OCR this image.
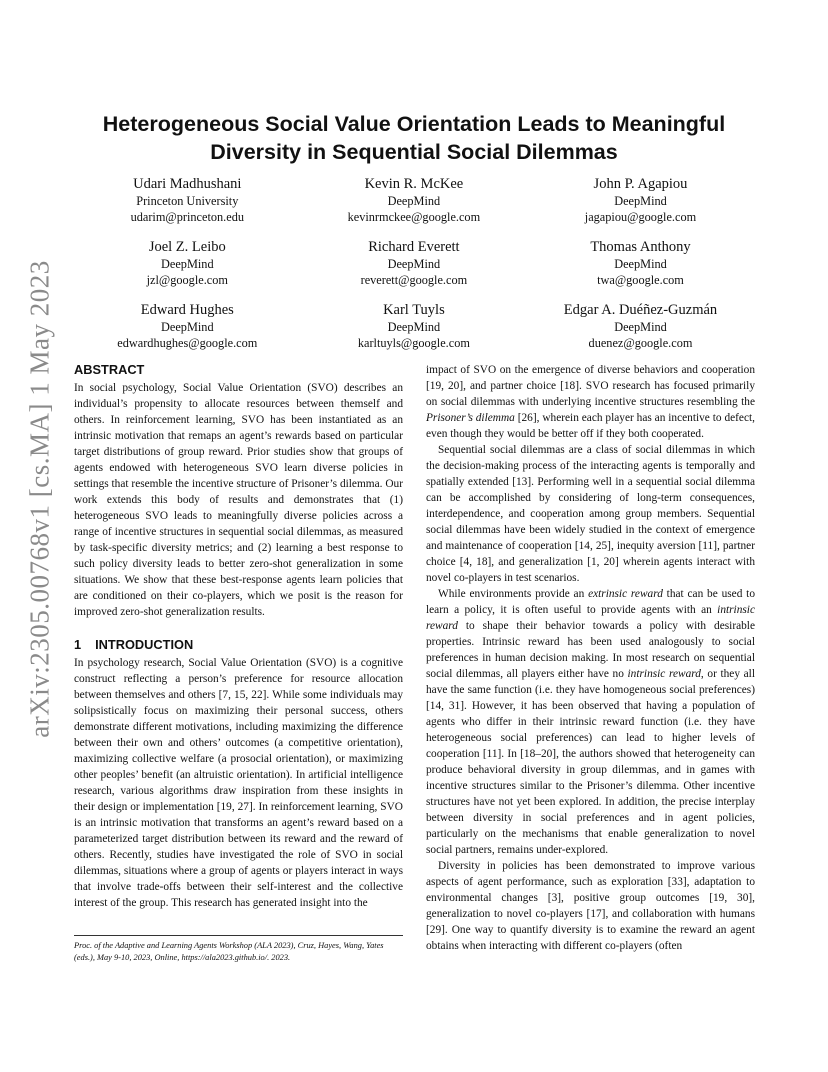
arXiv:2305.00768v1 [cs.MA] 1 May 2023
Heterogeneous Social Value Orientation Leads to Meaningful
Diversity in Sequential Social Dilemmas
Udari Madhushani
Princeton University
udarim@princeton.edu
Kevin R. McKee
DeepMind
kevinrmckee@google.com
John P. Agapiou
DeepMind
jagapiou@google.com
Joel Z. Leibo
DeepMind
jzl@google.com
Richard Everett
DeepMind
reverett@google.com
Thomas Anthony
DeepMind
twa@google.com
Edward Hughes
DeepMind
edwardhughes@google.com
Karl Tuyls
DeepMind
karltuyls@google.com
Edgar A. Duéñez-Guzmán
DeepMind
duenez@google.com
ABSTRACT

In social psychology, Social Value Orientation (SVO) describes an individual’s propensity to allocate resources between themself and others. In reinforcement learning, SVO has been instantiated as an intrinsic motivation that remaps an agent’s rewards based on particular target distributions of group reward. Prior studies show that groups of agents endowed with heterogeneous SVO learn diverse policies in settings that resemble the incentive structure of Prisoner’s dilemma. Our work extends this body of results and demonstrates that (1) heterogeneous SVO leads to meaningfully diverse policies across a range of incentive structures in sequential social dilemmas, as measured by task-specific diversity metrics; and (2) learning a best response to such policy diversity leads to better zero-shot generalization in some situations. We show that these best-response agents learn policies that are conditioned on their co-players, which we posit is the reason for improved zero-shot generalization results.

1 INTRODUCTION

In psychology research, Social Value Orientation (SVO) is a cognitive construct reflecting a person’s preference for resource allocation between themselves and others [7, 15, 22]. While some individuals may solipsistically focus on maximizing their personal success, others demonstrate different motivations, including maximizing the difference between their own and others’ outcomes (a competitive orientation), maximizing collective welfare (a prosocial orientation), or maximizing other peoples’ benefit (an altruistic orientation). In artificial intelligence research, various algorithms draw inspiration from these insights in their design or implementation [19, 27]. In reinforcement learning, SVO is an intrinsic motivation that transforms an agent’s reward based on a parameterized target distribution between its reward and the reward of others. Recently, studies have investigated the role of SVO in social dilemmas, situations where a group of agents or players interact in ways that involve trade-offs between their self-interest and the collective interest of the group. This research has generated insight into the

impact of SVO on the emergence of diverse behaviors and cooperation [19, 20], and partner choice [18]. SVO research has focused primarily on social dilemmas with underlying incentive structures resembling the Prisoner’s dilemma [26], wherein each player has an incentive to defect, even though they would be better off if they both cooperated.

Sequential social dilemmas are a class of social dilemmas in which the decision-making process of the interacting agents is temporally and spatially extended [13]. Performing well in a sequential social dilemma can be accomplished by considering of long-term consequences, interdependence, and cooperation among group members. Sequential social dilemmas have been widely studied in the context of emergence and maintenance of cooperation [14, 25], inequity aversion [11], partner choice [4, 18], and generalization [1, 20] wherein agents interact with novel co-players in test scenarios.

While environments provide an extrinsic reward that can be used to learn a policy, it is often useful to provide agents with an intrinsic reward to shape their behavior towards a policy with desirable properties. Intrinsic reward has been used analogously to social preferences in human decision making. In most research on sequential social dilemmas, all players either have no intrinsic reward, or they all have the same function (i.e. they have homogeneous social preferences) [14, 31]. However, it has been observed that having a population of agents who differ in their intrinsic reward function (i.e. they have heterogeneous social preferences) can lead to higher levels of cooperation [11]. In [18–20], the authors showed that heterogeneity can produce behavioral diversity in group dilemmas, and in games with incentive structures similar to the Prisoner’s dilemma. Other incentive structures have not yet been explored. In addition, the precise interplay between diversity in social preferences and in agent policies, particularly on the mechanisms that enable generalization to novel social partners, remains under-explored.

Diversity in policies has been demonstrated to improve various aspects of agent performance, such as exploration [33], adaptation to environmental changes [3], positive group outcomes [19, 30], generalization to novel co-players [17], and collaboration with humans [29]. One way to quantify diversity is to examine the reward an agent obtains when interacting with different co-players (often

Proc. of the Adaptive and Learning Agents Workshop (ALA 2023), Cruz, Hayes, Wang, Yates (eds.), May 9-10, 2023, Online, https://ala2023.github.io/. 2023.
